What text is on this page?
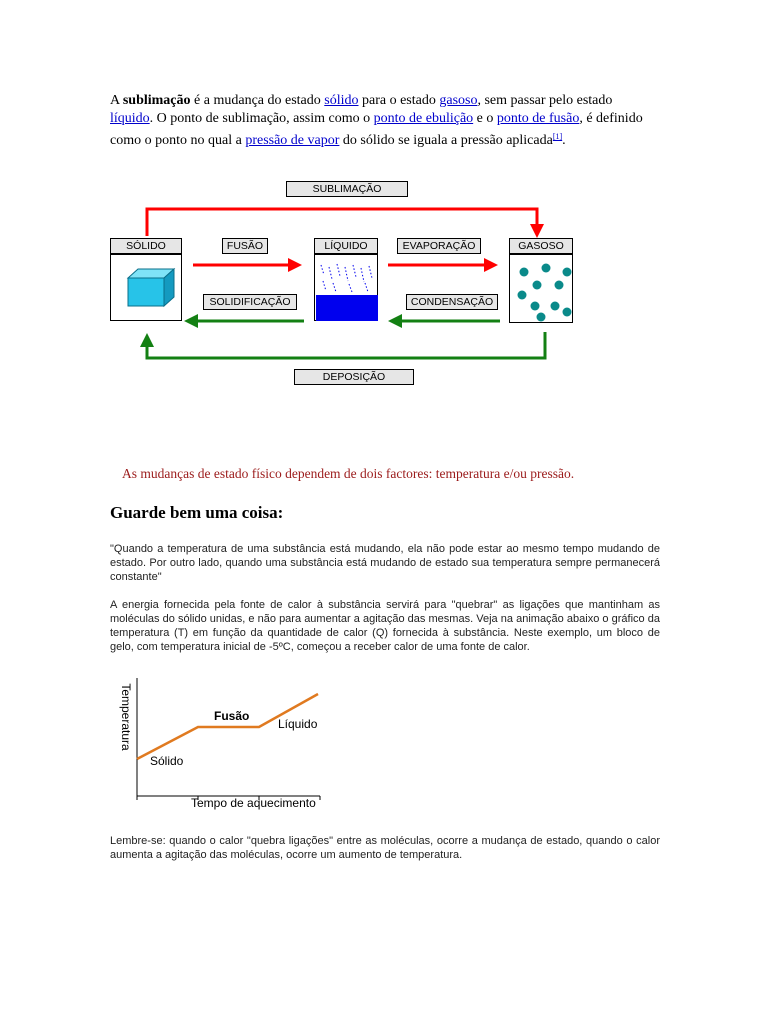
A sublimação é a mudança do estado sólido para o estado gasoso, sem passar pelo estado líquido. O ponto de sublimação, assim como o ponto de ebulição e o ponto de fusão, é definido como o ponto no qual a pressão de vapor do sólido se iguala a pressão aplicada[1].
SUBLIMAÇÃO
SÓLIDO	FUSÃO
SOLIDIFICAÇÃO
LÍQUIDO	EVAPORAÇÃO
CONDENSAÇÃO
GASOSO
DEPOSIÇÃO
As mudanças de estado físico dependem de dois factores: temperatura e/ou pressão.
Guarde bem uma coisa:
"Quando a temperatura de uma substância está mudando, ela não pode estar ao mesmo tempo mudando de estado. Por outro lado, quando uma substância está mudando de estado sua temperatura sempre permanecerá constante"
A energia fornecida pela fonte de calor à substância servirá para "quebrar" as ligações que mantinham as moléculas do sólido unidas, e não para aumentar a agitação das mesmas. Veja na animação abaixo o gráfico da temperatura (T) em função da quantidade de calor (Q) fornecida à substância. Neste exemplo, um bloco de gelo, com temperatura inicial de -5ºC, começou a receber calor de uma fonte de calor.
Temperatura	Fusão
Líquido
Sólido
Tempo de aquecimento
Lembre-se: quando o calor "quebra ligações" entre as moléculas, ocorre a mudança de estado, quando o calor aumenta a agitação das moléculas, ocorre um aumento de temperatura.
